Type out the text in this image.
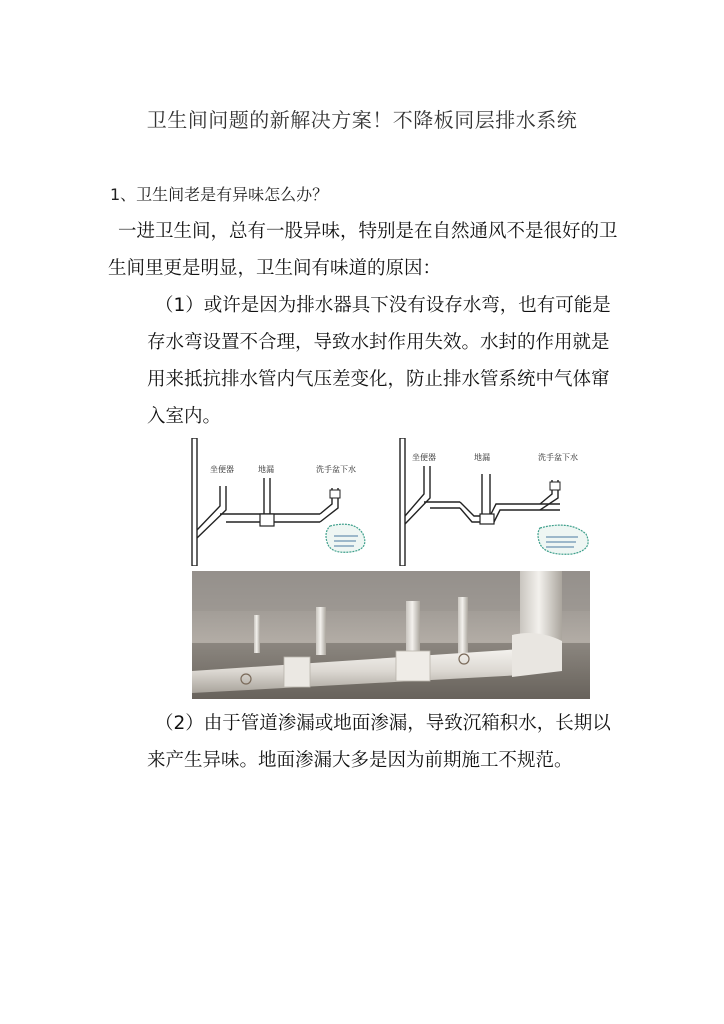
卫生间问题的新解决方案！不降板同层排水系统
1、卫生间老是有异味怎么办？
一进卫生间，总有一股异味，特别是在自然通风不是很好的卫生间里更是明显，卫生间有味道的原因：
（1）或许是因为排水器具下没有设存水弯，也有可能是存水弯设置不合理，导致水封作用失效。水封的作用就是用来抵抗排水管内气压差变化，防止排水管系统中气体窜入室内。
坐便器	地漏	洗手盆下水
坐便器	地漏	洗手盆下水
（2）由于管道渗漏或地面渗漏，导致沉箱积水，长期以来产生异味。地面渗漏大多是因为前期施工不规范。
